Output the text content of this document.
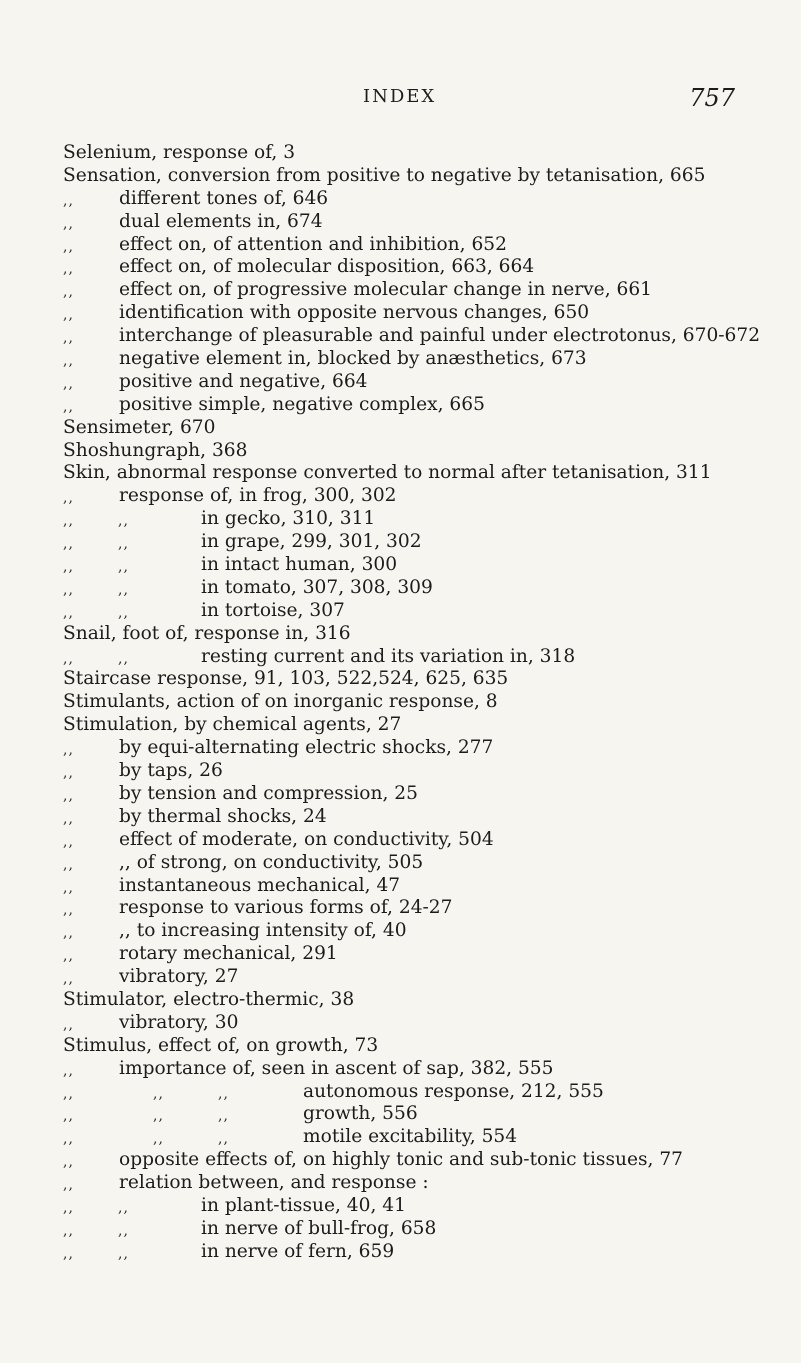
INDEX	757
Selenium, response of, 3
Sensation, conversion from positive to negative by tetanisation, 665
,, different tones of, 646
,, dual elements in, 674
,, effect on, of attention and inhibition, 652
,, effect on, of molecular disposition, 663, 664
,, effect on, of progressive molecular change in nerve, 661
,, identification with opposite nervous changes, 650
,, interchange of pleasurable and painful under electrotonus, 670-672
,, negative element in, blocked by anæsthetics, 673
,, positive and negative, 664
,, positive simple, negative complex, 665
Sensimeter, 670
Shoshungraph, 368
Skin, abnormal response converted to normal after tetanisation, 311
,, response of, in frog, 300, 302
,,	,,	in gecko, 310, 311
,,	,,	in grape, 299, 301, 302
,,	,,	in intact human, 300
,,	,,	in tomato, 307, 308, 309
,,	,,	in tortoise, 307
Snail, foot of, response in, 316
,,	,,	resting current and its variation in, 318
Staircase response, 91, 103, 522,524, 625, 635
Stimulants, action of on inorganic response, 8
Stimulation, by chemical agents, 27
,, by equi-alternating electric shocks, 277
,, by taps, 26
,, by tension and compression, 25
,, by thermal shocks, 24
,, effect of moderate, on conductivity, 504
,, ,, of strong, on conductivity, 505
,, instantaneous mechanical, 47
,, response to various forms of, 24-27
,, ,, to increasing intensity of, 40
,, rotary mechanical, 291
,, vibratory, 27
Stimulator, electro-thermic, 38
,, vibratory, 30
Stimulus, effect of, on growth, 73
,, importance of, seen in ascent of sap, 382, 555
,,	,,	,,	autonomous response, 212, 555
,,	,,	,,	growth, 556
,,	,,	,,	motile excitability, 554
,, opposite effects of, on highly tonic and sub-tonic tissues, 77
,, relation between, and response :
,,	,,	in plant-tissue, 40, 41
,,	,,	in nerve of bull-frog, 658
,,	,,	in nerve of fern, 659
